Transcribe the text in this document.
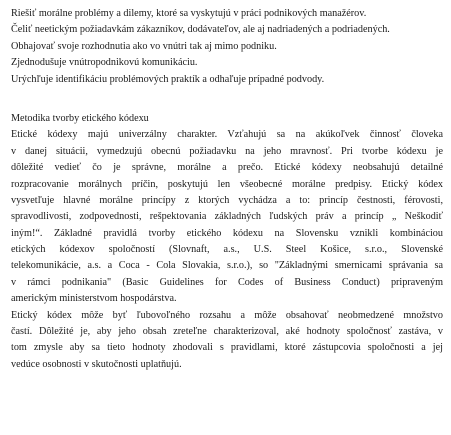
Riešiť morálne problémy a dilemy, ktoré sa vyskytujú v práci podnikových manažérov.
Čeliť neetickým požiadavkám zákazníkov, dodávateľov, ale aj nadriadených a podriadených.
Obhajovať svoje rozhodnutia ako vo vnútri tak aj mimo podniku.
Zjednodušuje vnútropodnikovú komunikáciu.
Urýchľuje identifikáciu problémových praktík a odhaľuje prípadné podvody.
Metodika tvorby etického kódexu
Etické kódexy majú univerzálny charakter. Vzťahujú sa na akúkoľvek činnosť človeka
v danej situácii, vymedzujú obecnú požiadavku na jeho mravnosť. Pri tvorbe kódexu je
dôležité vedieť čo je správne, morálne a prečo. Etické kódexy neobsahujú detailné
rozpracovanie morálnych príčin, poskytujú len všeobecné morálne predpisy. Etický kódex
vysvetľuje hlavné morálne princípy z ktorých vychádza a to: princíp čestnosti, férovosti,
spravodlivosti, zodpovednosti, rešpektovania základných ľudských práv a princíp „ Neškodiť
iným!“. Základné pravidlá tvorby etického kódexu na Slovensku vznikli kombináciou
etických kódexov spoločností (Slovnaft, a.s., U.S. Steel Košice, s.r.o., Slovenské
telekomunikácie, a.s. a Coca - Cola Slovakia, s.r.o.), so "Základnými smernicami správania sa
v rámci podnikania" (Basic Guidelines for Codes of Business Conduct) pripraveným
americkým ministerstvom hospodárstva.
Etický kódex môže byť ľubovoľného rozsahu a môže obsahovať neobmedzené množstvo
častí. Dôležité je, aby jeho obsah zreteľne charakterizoval, aké hodnoty spoločnosť zastáva, v
tom zmysle aby sa tieto hodnoty zhodovali s pravidlami, ktoré zástupcovia spoločnosti a jej
vedúce osobnosti v skutočnosti uplatňujú.
